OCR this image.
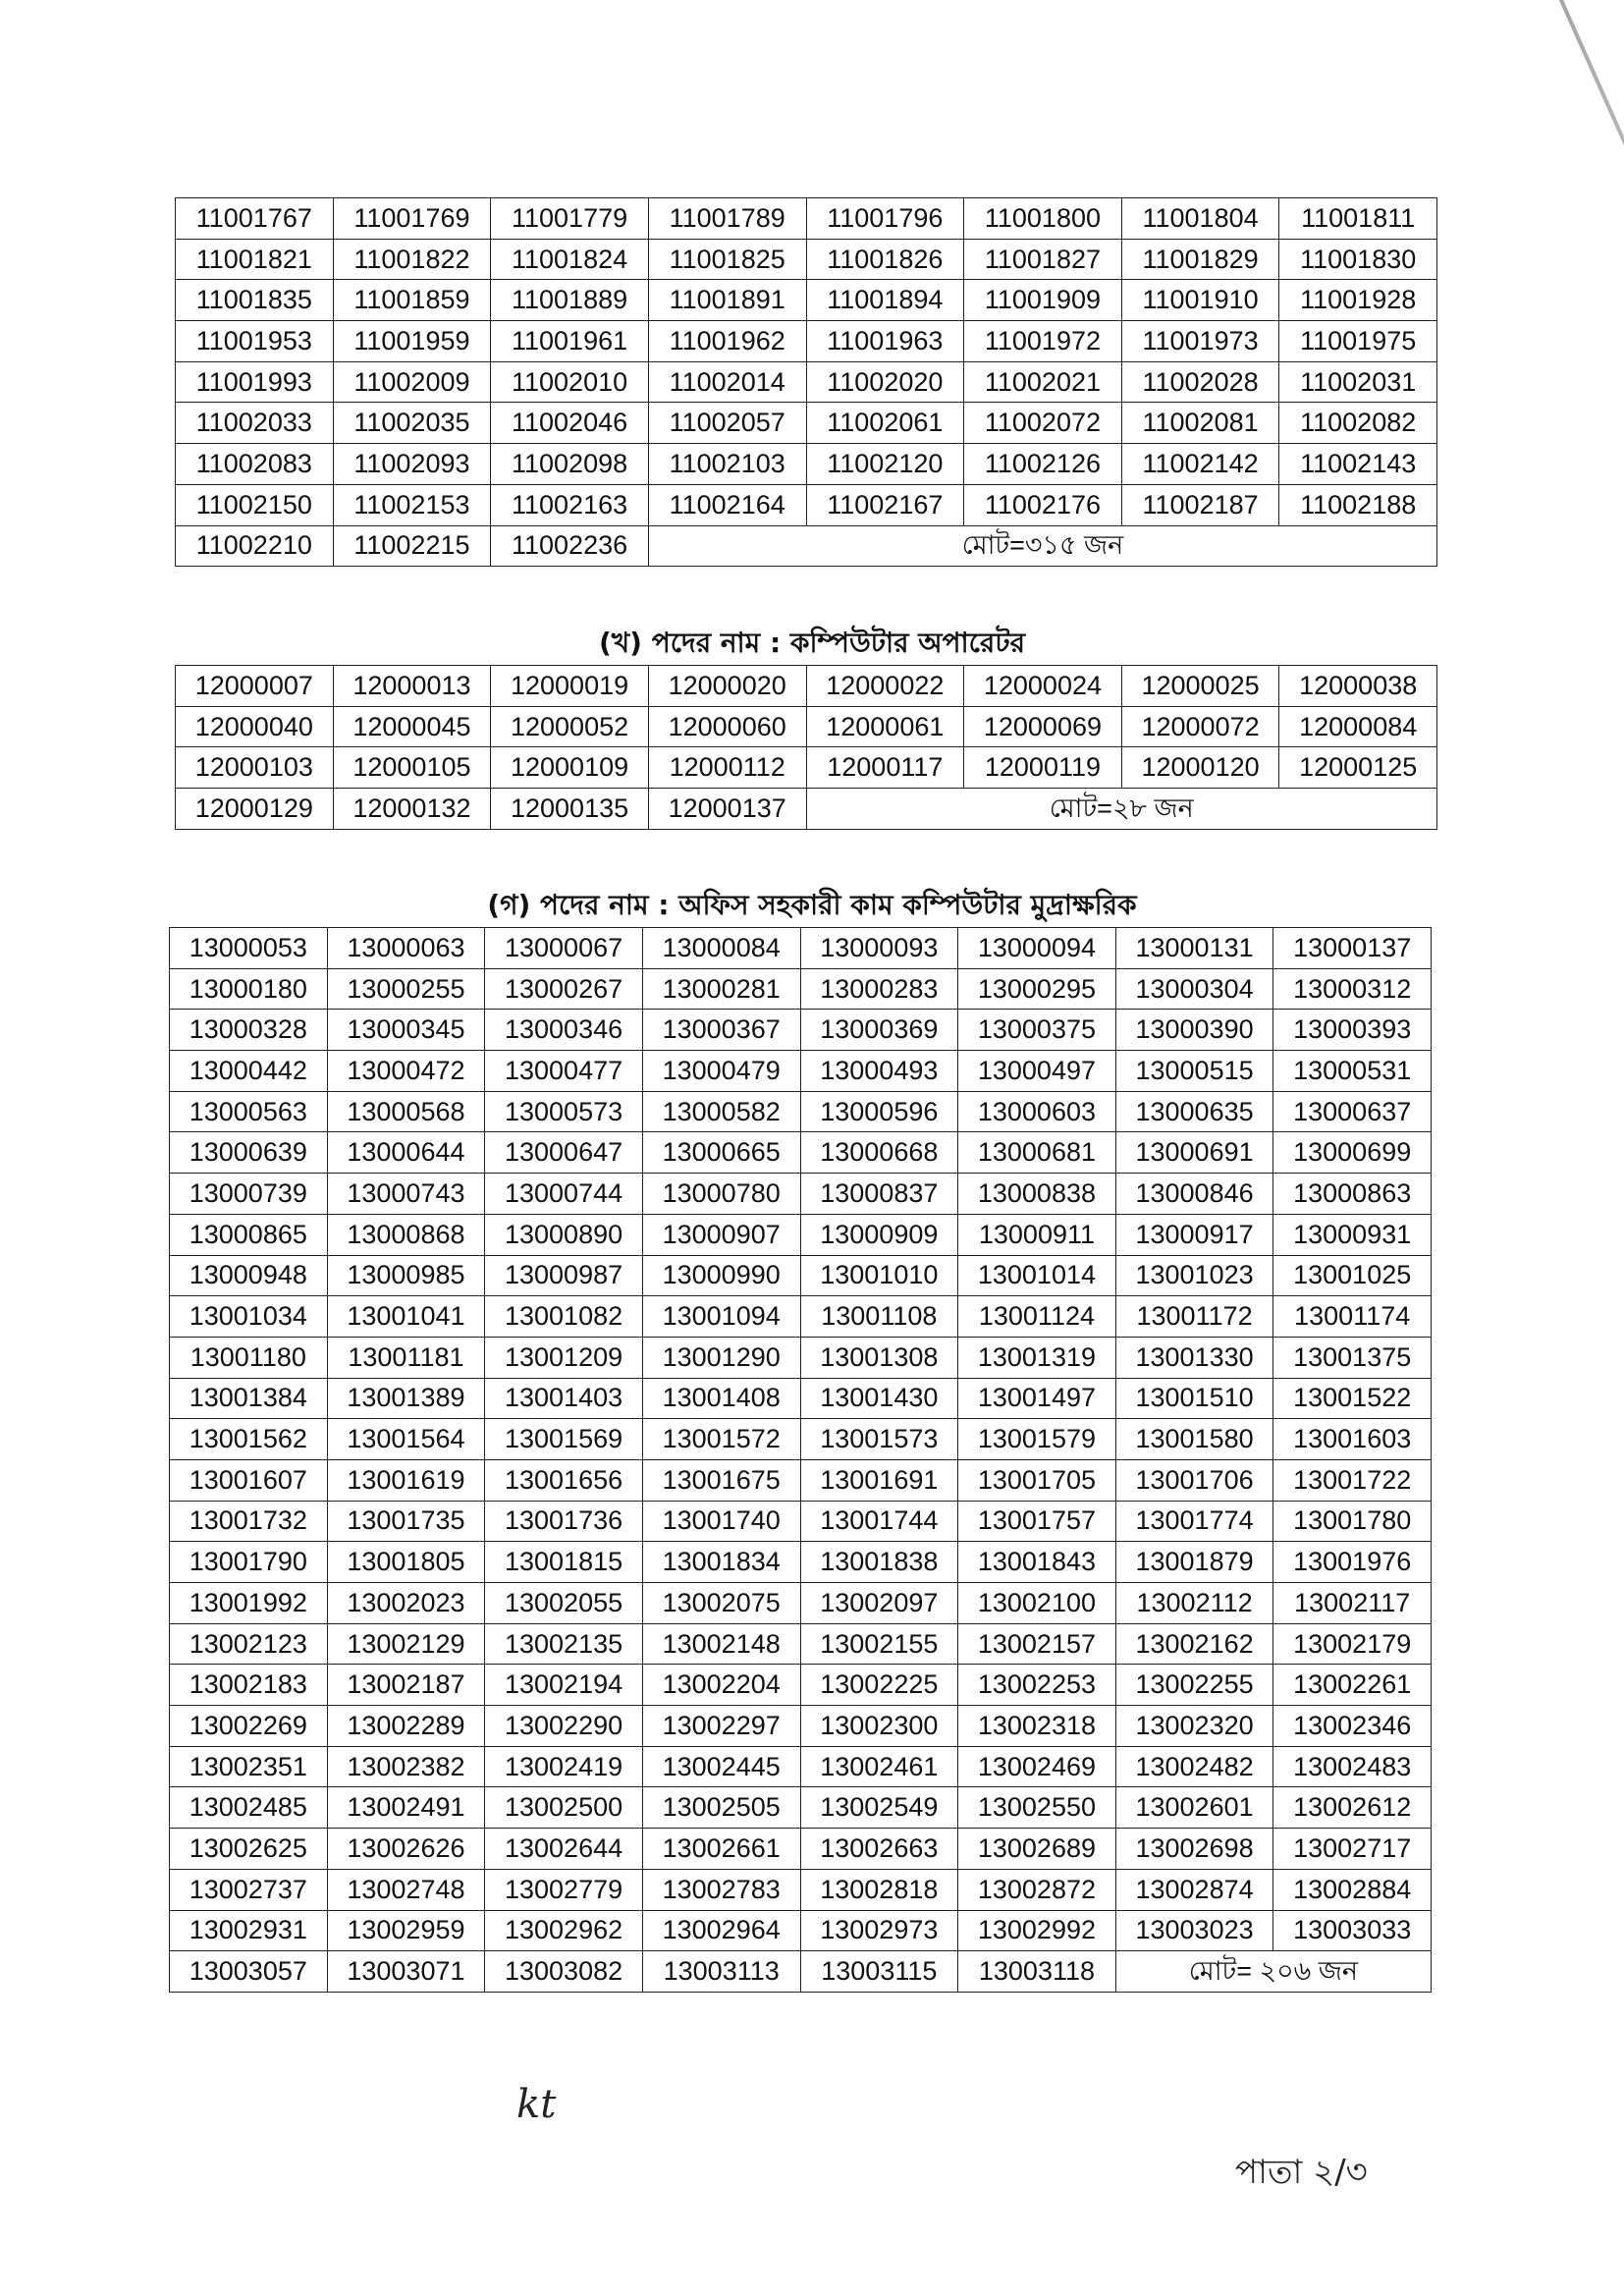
11001767	11001769	11001779	11001789	11001796	11001800	11001804	11001811
11001821	11001822	11001824	11001825	11001826	11001827	11001829	11001830
11001835	11001859	11001889	11001891	11001894	11001909	11001910	11001928
11001953	11001959	11001961	11001962	11001963	11001972	11001973	11001975
11001993	11002009	11002010	11002014	11002020	11002021	11002028	11002031
11002033	11002035	11002046	11002057	11002061	11002072	11002081	11002082
11002083	11002093	11002098	11002103	11002120	11002126	11002142	11002143
11002150	11002153	11002163	11002164	11002167	11002176	11002187	11002188
11002210	11002215	11002236	মোট=৩১৫ জন				
(খ) পদের নাম : কম্পিউটার অপারেটর
12000007	12000013	12000019	12000020	12000022	12000024	12000025	12000038
12000040	12000045	12000052	12000060	12000061	12000069	12000072	12000084
12000103	12000105	12000109	12000112	12000117	12000119	12000120	12000125
12000129	12000132	12000135	12000137	মোট=২৮ জন			
(গ) পদের নাম : অফিস সহকারী কাম কম্পিউটার মুদ্রাক্ষরিক
13000053	13000063	13000067	13000084	13000093	13000094	13000131	13000137
13000180	13000255	13000267	13000281	13000283	13000295	13000304	13000312
13000328	13000345	13000346	13000367	13000369	13000375	13000390	13000393
13000442	13000472	13000477	13000479	13000493	13000497	13000515	13000531
13000563	13000568	13000573	13000582	13000596	13000603	13000635	13000637
13000639	13000644	13000647	13000665	13000668	13000681	13000691	13000699
13000739	13000743	13000744	13000780	13000837	13000838	13000846	13000863
13000865	13000868	13000890	13000907	13000909	13000911	13000917	13000931
13000948	13000985	13000987	13000990	13001010	13001014	13001023	13001025
13001034	13001041	13001082	13001094	13001108	13001124	13001172	13001174
13001180	13001181	13001209	13001290	13001308	13001319	13001330	13001375
13001384	13001389	13001403	13001408	13001430	13001497	13001510	13001522
13001562	13001564	13001569	13001572	13001573	13001579	13001580	13001603
13001607	13001619	13001656	13001675	13001691	13001705	13001706	13001722
13001732	13001735	13001736	13001740	13001744	13001757	13001774	13001780
13001790	13001805	13001815	13001834	13001838	13001843	13001879	13001976
13001992	13002023	13002055	13002075	13002097	13002100	13002112	13002117
13002123	13002129	13002135	13002148	13002155	13002157	13002162	13002179
13002183	13002187	13002194	13002204	13002225	13002253	13002255	13002261
13002269	13002289	13002290	13002297	13002300	13002318	13002320	13002346
13002351	13002382	13002419	13002445	13002461	13002469	13002482	13002483
13002485	13002491	13002500	13002505	13002549	13002550	13002601	13002612
13002625	13002626	13002644	13002661	13002663	13002689	13002698	13002717
13002737	13002748	13002779	13002783	13002818	13002872	13002874	13002884
13002931	13002959	13002962	13002964	13002973	13002992	13003023	13003033
13003057	13003071	13003082	13003113	13003115	13003118	মোট= ২০৬ জন	
kt
পাতা ২/৩
